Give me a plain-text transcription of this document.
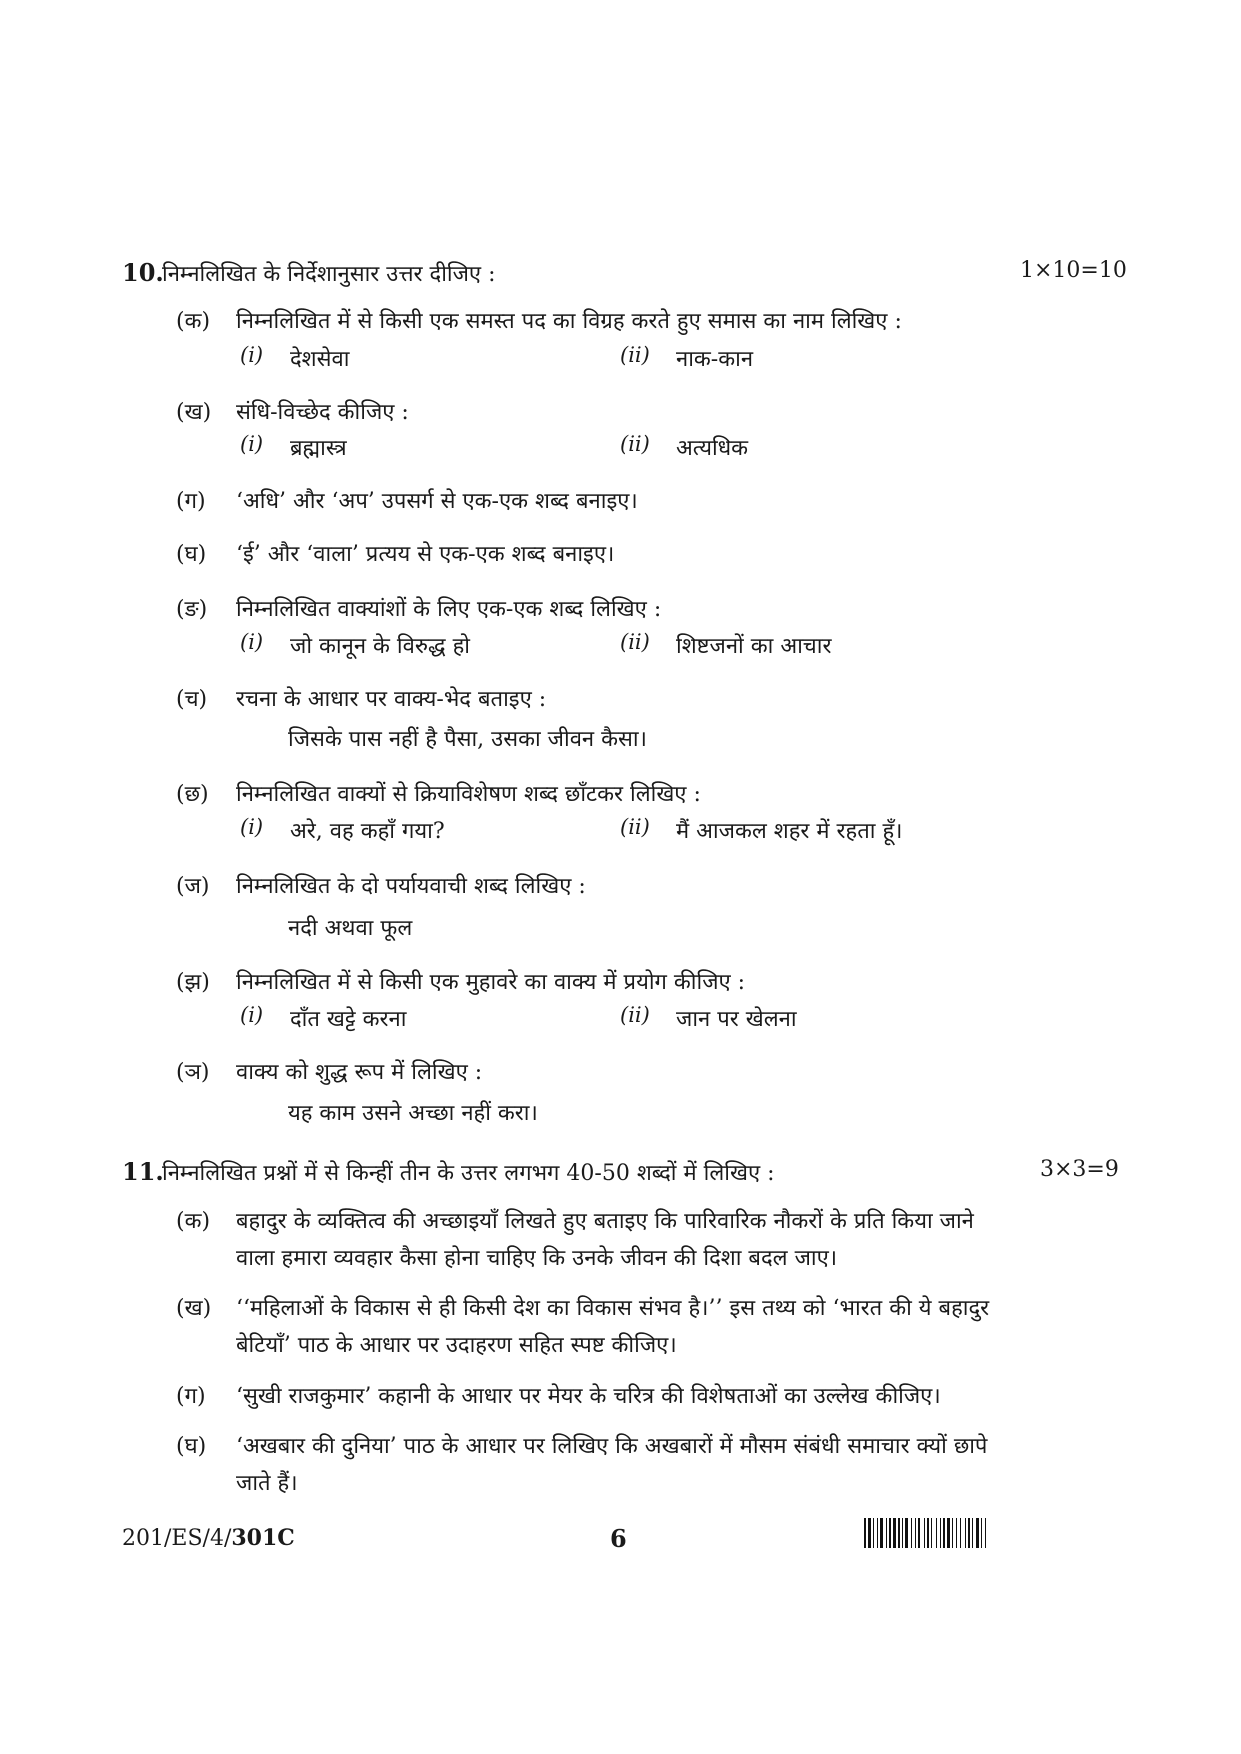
10.
निम्नलिखित के निर्देशानुसार उत्तर दीजिए :	1×10=10
(क) निम्नलिखित में से किसी एक समस्त पद का विग्रह करते हुए समास का नाम लिखिए :
(i) देशसेवा	(ii) नाक-कान
(ख) संधि-विच्छेद कीजिए :
(i) ब्रह्मास्त्र	(ii) अत्यधिक
(ग) ‘अधि’ और ‘अप’ उपसर्ग से एक-एक शब्द बनाइए।
(घ) ‘ई’ और ‘वाला’ प्रत्यय से एक-एक शब्द बनाइए।
(ङ) निम्नलिखित वाक्यांशों के लिए एक-एक शब्द लिखिए :
(i) जो कानून के विरुद्ध हो	(ii) शिष्टजनों का आचार
(च) रचना के आधार पर वाक्य-भेद बताइए :
जिसके पास नहीं है पैसा, उसका जीवन कैसा।
(छ) निम्नलिखित वाक्यों से क्रियाविशेषण शब्द छाँटकर लिखिए :
(i) अरे, वह कहाँ गया?	(ii) मैं आजकल शहर में रहता हूँ।
(ज) निम्नलिखित के दो पर्यायवाची शब्द लिखिए :
नदी अथवा फूल
(झ) निम्नलिखित में से किसी एक मुहावरे का वाक्य में प्रयोग कीजिए :
(i) दाँत खट्टे करना	(ii) जान पर खेलना
(ञ) वाक्य को शुद्ध रूप में लिखिए :
यह काम उसने अच्छा नहीं करा।
11.
निम्नलिखित प्रश्नों में से किन्हीं तीन के उत्तर लगभग 40-50 शब्दों में लिखिए :	3×3=9
(क) बहादुर के व्यक्तित्व की अच्छाइयाँ लिखते हुए बताइए कि पारिवारिक नौकरों के प्रति किया जाने
वाला हमारा व्यवहार कैसा होना चाहिए कि उनके जीवन की दिशा बदल जाए।
(ख) ‘‘महिलाओं के विकास से ही किसी देश का विकास संभव है।’’ इस तथ्य को ‘भारत की ये बहादुर
बेटियाँ’ पाठ के आधार पर उदाहरण सहित स्पष्ट कीजिए।
(ग) ‘सुखी राजकुमार’ कहानी के आधार पर मेयर के चरित्र की विशेषताओं का उल्लेख कीजिए।
(घ) ‘अखबार की दुनिया’ पाठ के आधार पर लिखिए कि अखबारों में मौसम संबंधी समाचार क्यों छापे
जाते हैं।
201/ES/4/301C	6
